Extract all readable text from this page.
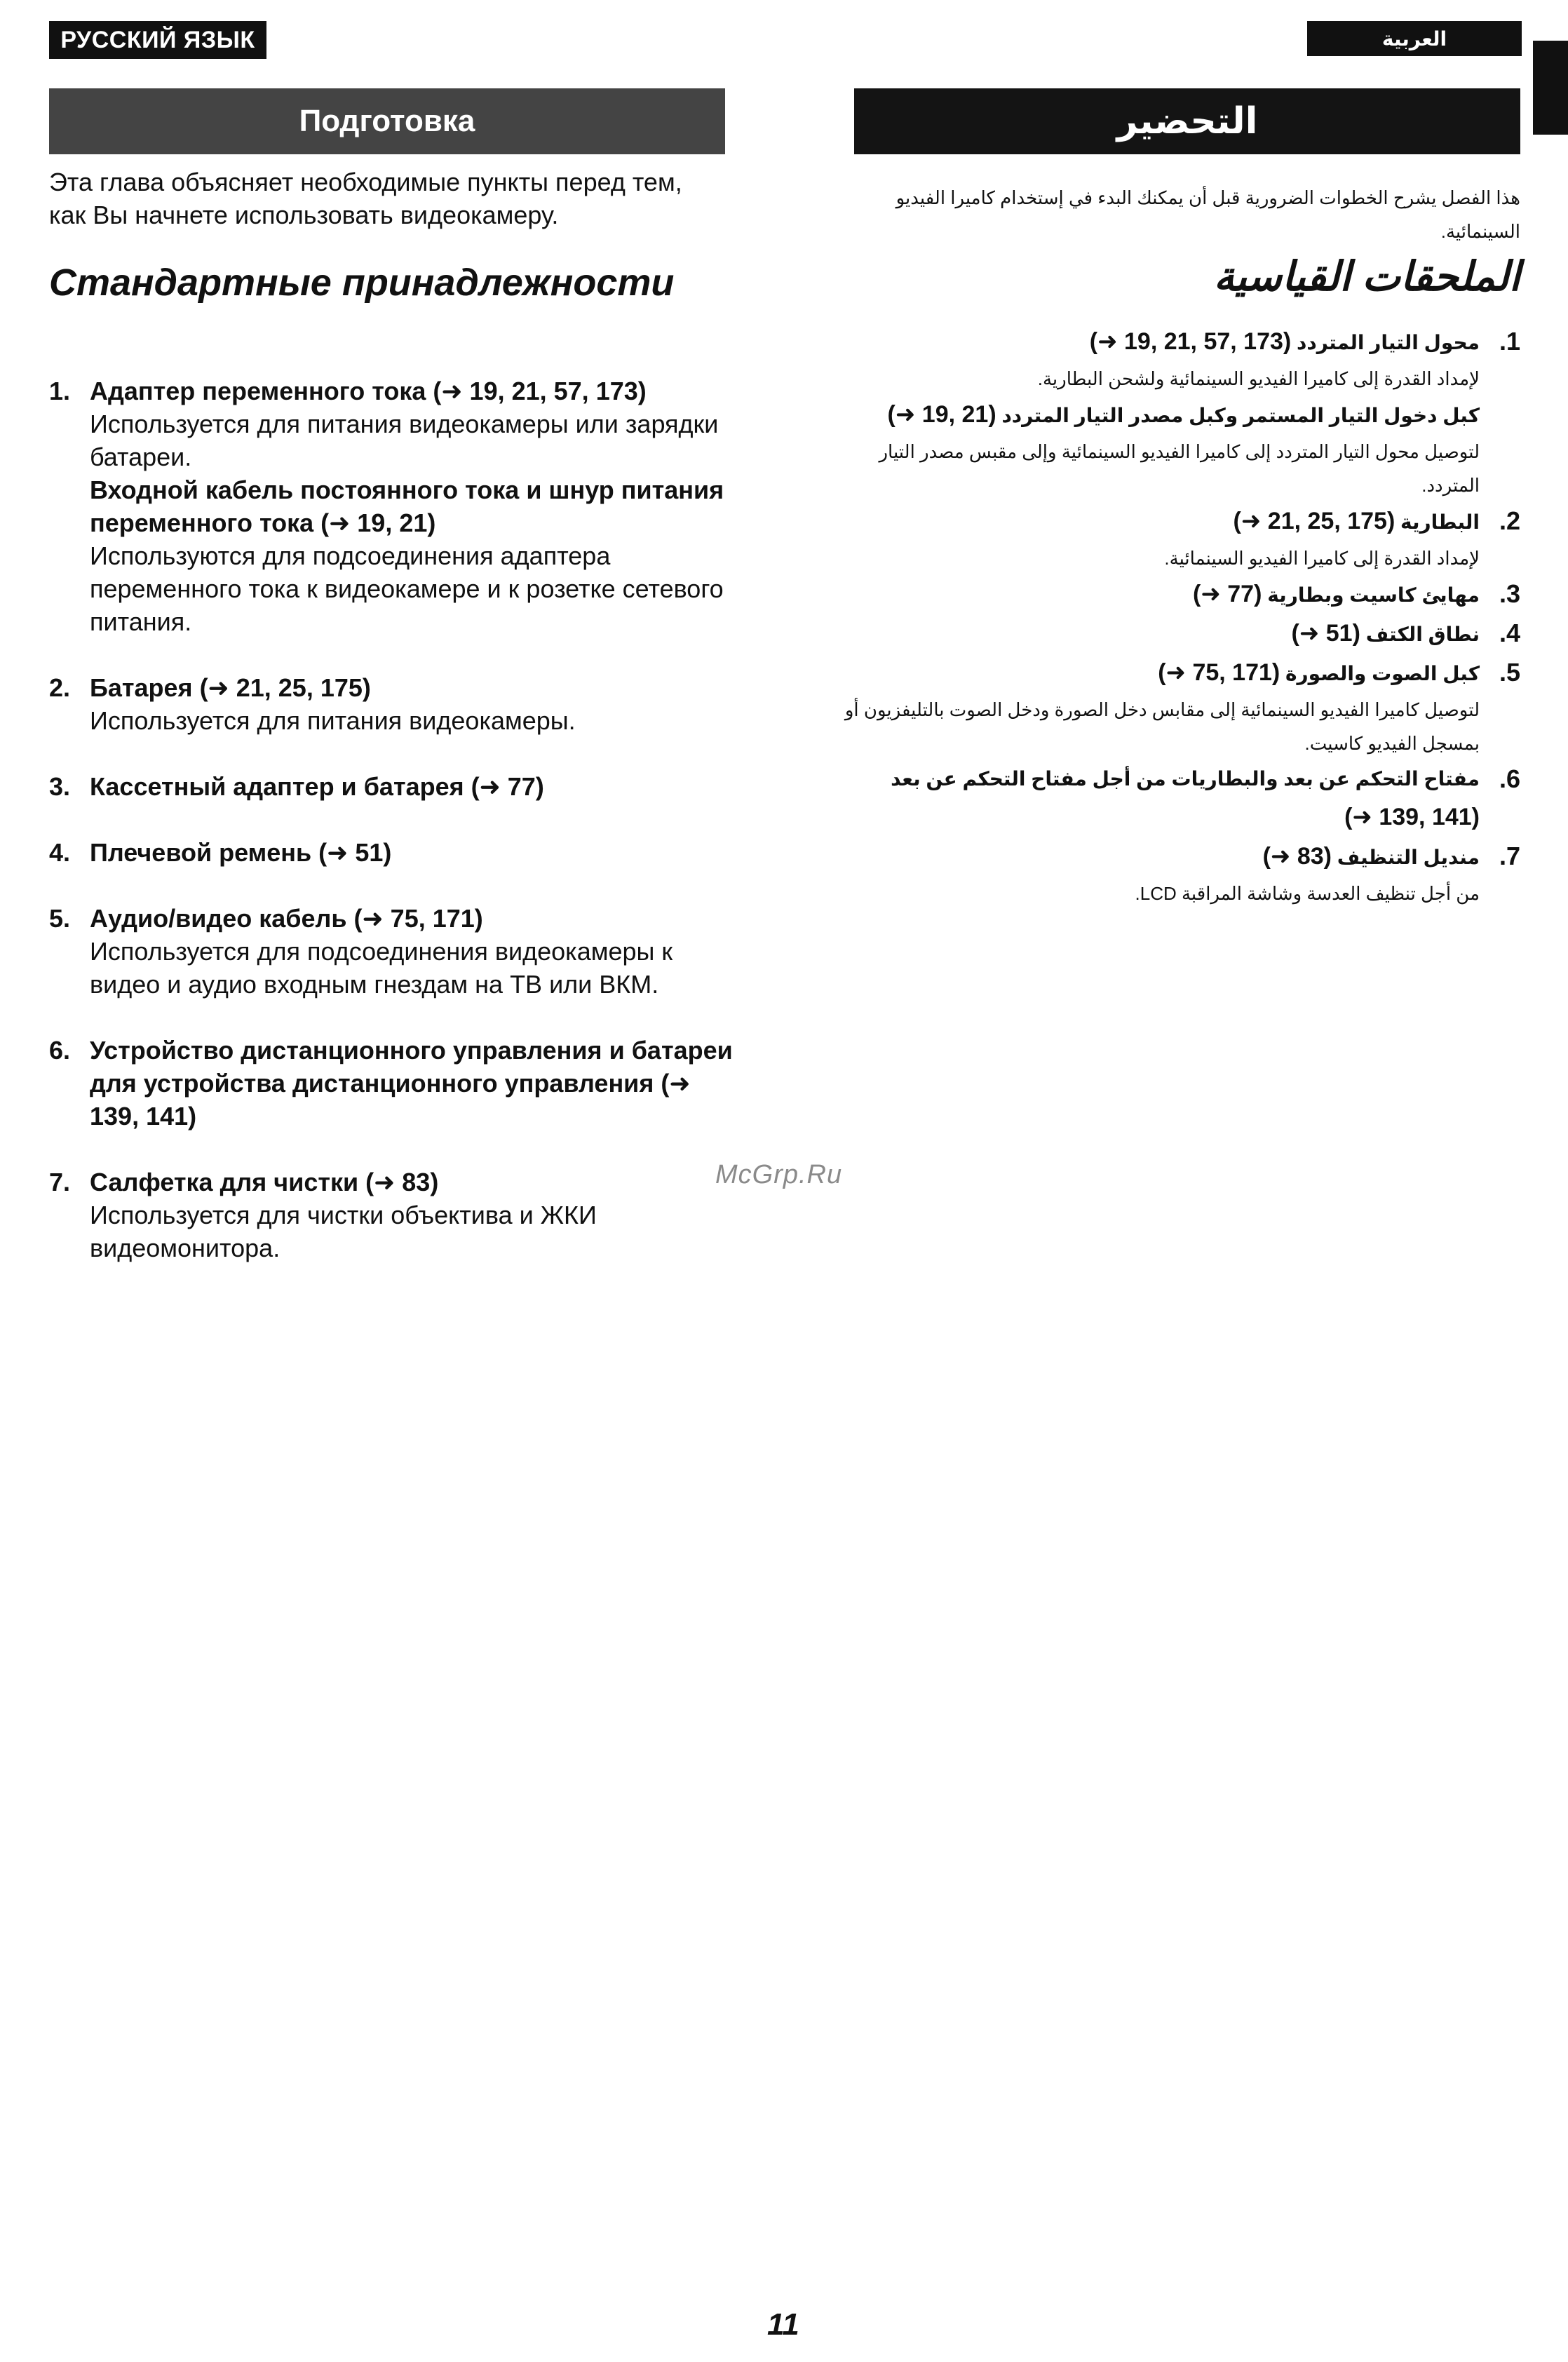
РУССКИЙ ЯЗЫК	العربية
Подготовка
Эта глава объясняет необходимые пункты перед тем, как Вы начнете использовать видеокамеру.
Стандартные принадлежности
1. Адаптер переменного тока (➜ 19, 21, 57, 173)
Используется для питания видеокамеры или зарядки батареи.
Входной кабель постоянного тока и шнур питания переменного тока (➜ 19, 21)
Используются для подсоединения адаптера переменного тока к видеокамере и к розетке сетевого питания.
2. Батарея (➜ 21, 25, 175)
Используется для питания видеокамеры.
3. Кассетный адаптер и батарея (➜ 77)
4. Плечевой ремень (➜ 51)
5. Аудио/видео кабель (➜ 75, 171)
Используется для подсоединения видеокамеры к видео и аудио входным гнездам на ТВ или ВКМ.
6. Устройство дистанционного управления и батареи для устройства дистанционного управления (➜ 139, 141)
7. Салфетка для чистки (➜ 83)
Используется для чистки объектива и ЖКИ видеомонитора.
التحضير
هذا الفصل يشرح الخطوات الضرورية قبل أن يمكنك البدء في إستخدام كاميرا الفيديو السينمائية.
الملحقات القياسية
1.
محول التيار المتردد (➜ 19, 21, 57, 173)
لإمداد القدرة إلى كاميرا الفيديو السينمائية ولشحن البطارية.
كبل دخول التيار المستمر وكبل مصدر التيار المتردد (➜ 19, 21)
لتوصيل محول التيار المتردد إلى كاميرا الفيديو السينمائية وإلى مقبس مصدر التيار المتردد.
2.
البطارية (➜ 21, 25, 175)
لإمداد القدرة إلى كاميرا الفيديو السينمائية.
3.
مهايئ كاسيت وبطارية (➜ 77)
4.
نطاق الكتف (➜ 51)
5.
كبل الصوت والصورة (➜ 75, 171)
لتوصيل كاميرا الفيديو السينمائية إلى مقابس دخل الصورة ودخل الصوت بالتليفزيون أو بمسجل الفيديو كاسيت.
6.
مفتاح التحكم عن بعد والبطاريات من أجل مفتاح التحكم عن بعد
(➜ 139, 141)
7.
منديل التنظيف (➜ 83)
من أجل تنظيف العدسة وشاشة المراقبة LCD.
McGrp.Ru
11
